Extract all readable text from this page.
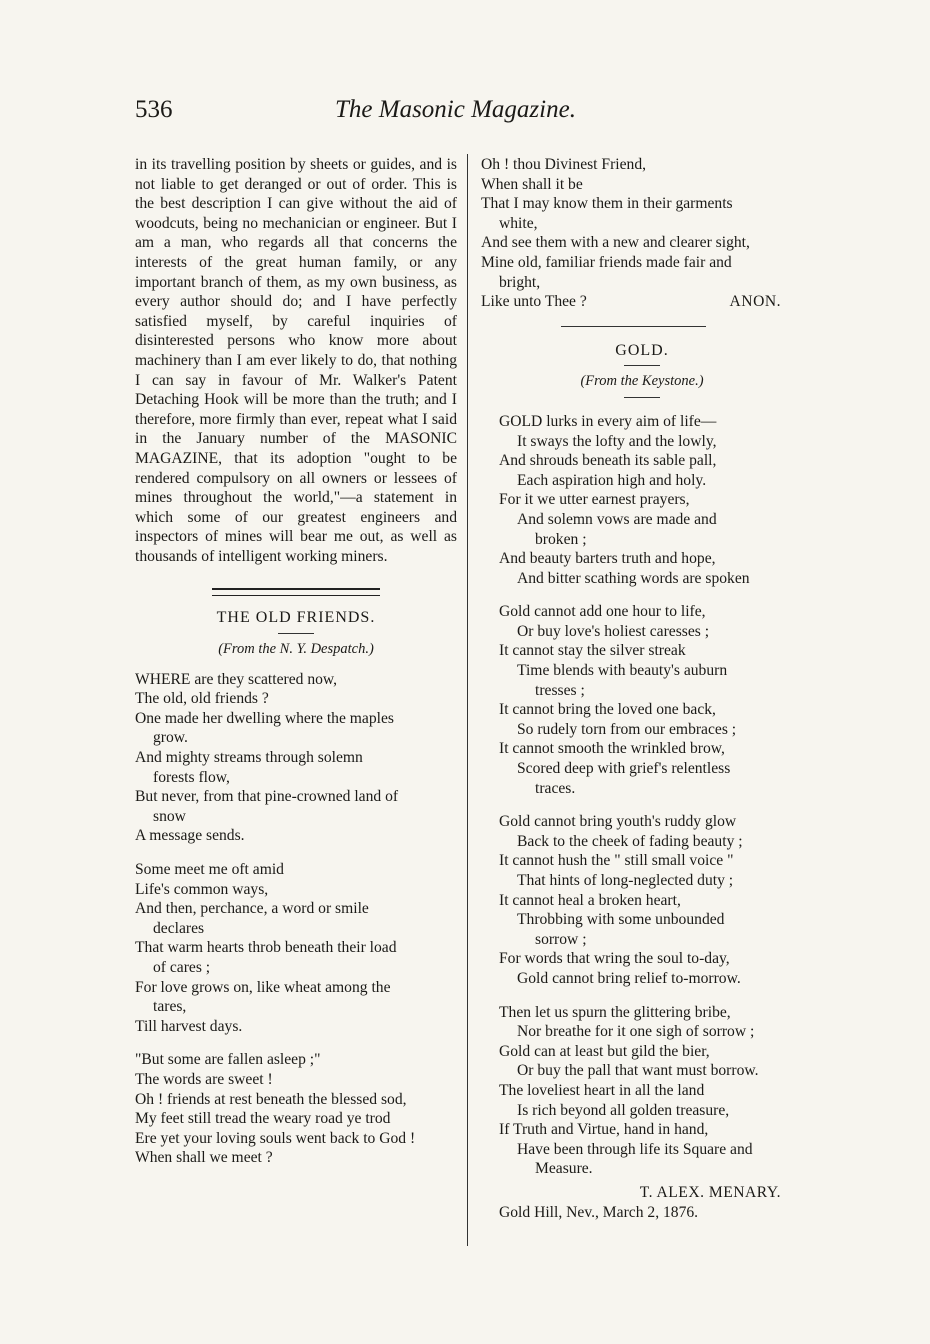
536	The Masonic Magazine.

in its travelling position by sheets or guides, and is not liable to get deranged or out of order. This is the best description I can give without the aid of woodcuts, being no mechanician or engineer. But I am a man, who regards all that concerns the interests of the great human family, or any important branch of them, as my own business, as every author should do; and I have perfectly satisfied myself, by careful inquiries of disinterested persons who know more about machinery than I am ever likely to do, that nothing I can say in favour of Mr. Walker's Patent Detaching Hook will be more than the truth; and I therefore, more firmly than ever, repeat what I said in the January number of the MASONIC MAGAZINE, that its adoption "ought to be rendered compulsory on all owners or lessees of mines throughout the world,"—a statement in which some of our greatest engineers and inspectors of mines will bear me out, as well as thousands of intelligent working miners.

THE OLD FRIENDS.
(From the N. Y. Despatch.)
WHERE are they scattered now,
The old, old friends ?
One made her dwelling where the maples
grow.
And mighty streams through solemn
forests flow,
But never, from that pine-crowned land of
snow
A message sends.
Some meet me oft amid
Life's common ways,
And then, perchance, a word or smile
declares
That warm hearts throb beneath their load
of cares ;
For love grows on, like wheat among the
tares,
Till harvest days.
"But some are fallen asleep ;"
The words are sweet !
Oh ! friends at rest beneath the blessed sod,
My feet still tread the weary road ye trod
Ere yet your loving souls went back to God !
When shall we meet ?
Oh ! thou Divinest Friend,
When shall it be
That I may know them in their garments
white,
And see them with a new and clearer sight,
Mine old, familiar friends made fair and
bright,
Like unto Thee ?	ANON.
GOLD.
(From the Keystone.)
GOLD lurks in every aim of life—
It sways the lofty and the lowly,
And shrouds beneath its sable pall,
Each aspiration high and holy.
For it we utter earnest prayers,
And solemn vows are made and
broken ;
And beauty barters truth and hope,
And bitter scathing words are spoken
Gold cannot add one hour to life,
Or buy love's holiest caresses ;
It cannot stay the silver streak
Time blends with beauty's auburn
tresses ;
It cannot bring the loved one back,
So rudely torn from our embraces ;
It cannot smooth the wrinkled brow,
Scored deep with grief's relentless
traces.
Gold cannot bring youth's ruddy glow
Back to the cheek of fading beauty ;
It cannot hush the " still small voice "
That hints of long-neglected duty ;
It cannot heal a broken heart,
Throbbing with some unbounded
sorrow ;
For words that wring the soul to-day,
Gold cannot bring relief to-morrow.
Then let us spurn the glittering bribe,
Nor breathe for it one sigh of sorrow ;
Gold can at least but gild the bier,
Or buy the pall that want must borrow.
The loveliest heart in all the land
Is rich beyond all golden treasure,
If Truth and Virtue, hand in hand,
Have been through life its Square and
Measure.
T. ALEX. MENARY.
Gold Hill, Nev., March 2, 1876.
